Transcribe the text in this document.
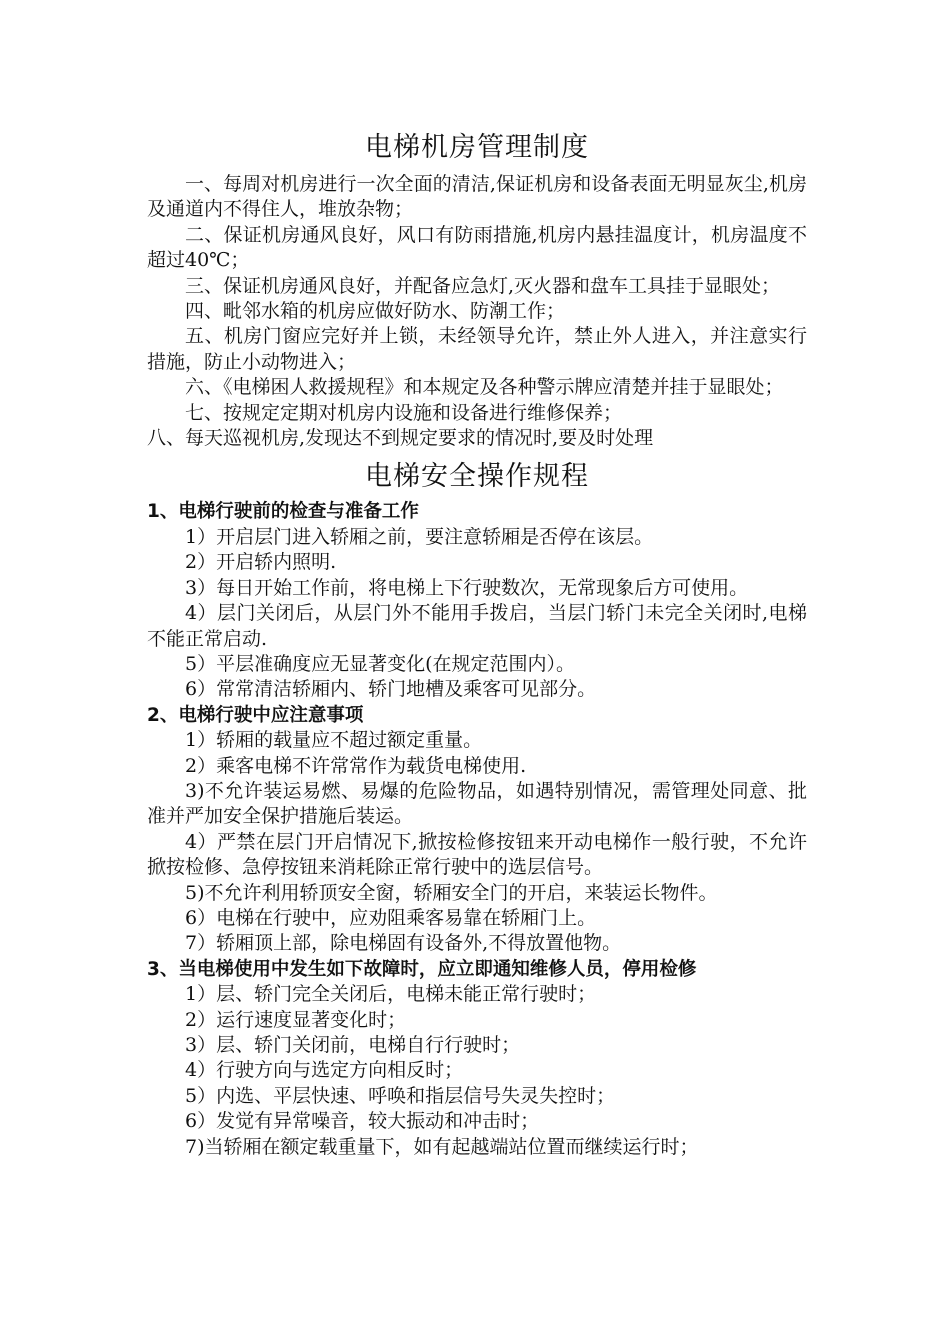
电梯机房管理制度

一、每周对机房进行一次全面的清洁,保证机房和设备表面无明显灰尘,机房及通道内不得住人，堆放杂物；

二、保证机房通风良好，风口有防雨措施,机房内悬挂温度计，机房温度不超过40℃；

三、保证机房通风良好，并配备应急灯,灭火器和盘车工具挂于显眼处；

四、毗邻水箱的机房应做好防水、防潮工作；

五、机房门窗应完好并上锁，未经领导允许，禁止外人进入，并注意实行措施，防止小动物进入；

六、《电梯困人救援规程》和本规定及各种警示牌应清楚并挂于显眼处；

七、按规定定期对机房内设施和设备进行维修保养；

八、每天巡视机房,发现达不到规定要求的情况时,要及时处理

电梯安全操作规程

1、电梯行驶前的检查与准备工作

1）开启层门进入轿厢之前，要注意轿厢是否停在该层。

2）开启轿内照明.

3）每日开始工作前，将电梯上下行驶数次，无常现象后方可使用。

4）层门关闭后，从层门外不能用手拨启，当层门轿门未完全关闭时,电梯不能正常启动.

5）平层准确度应无显著变化(在规定范围内）。

6）常常清洁轿厢内、轿门地槽及乘客可见部分。

2、电梯行驶中应注意事项

1）轿厢的载量应不超过额定重量。

2）乘客电梯不许常常作为载货电梯使用.

3)不允许装运易燃、易爆的危险物品，如遇特别情况，需管理处同意、批准并严加安全保护措施后装运。

4）严禁在层门开启情况下,掀按检修按钮来开动电梯作一般行驶，不允许掀按检修、急停按钮来消耗除正常行驶中的选层信号。

5)不允许利用轿顶安全窗，轿厢安全门的开启，来装运长物件。

6）电梯在行驶中，应劝阻乘客易靠在轿厢门上。

7）轿厢顶上部，除电梯固有设备外,不得放置他物。

3、当电梯使用中发生如下故障时，应立即通知维修人员，停用检修

1）层、轿门完全关闭后，电梯未能正常行驶时；

2）运行速度显著变化时；

3）层、轿门关闭前，电梯自行行驶时；

4）行驶方向与选定方向相反时；

5）内选、平层快速、呼唤和指层信号失灵失控时；

6）发觉有异常噪音，较大振动和冲击时；

7)当轿厢在额定载重量下，如有起越端站位置而继续运行时；
